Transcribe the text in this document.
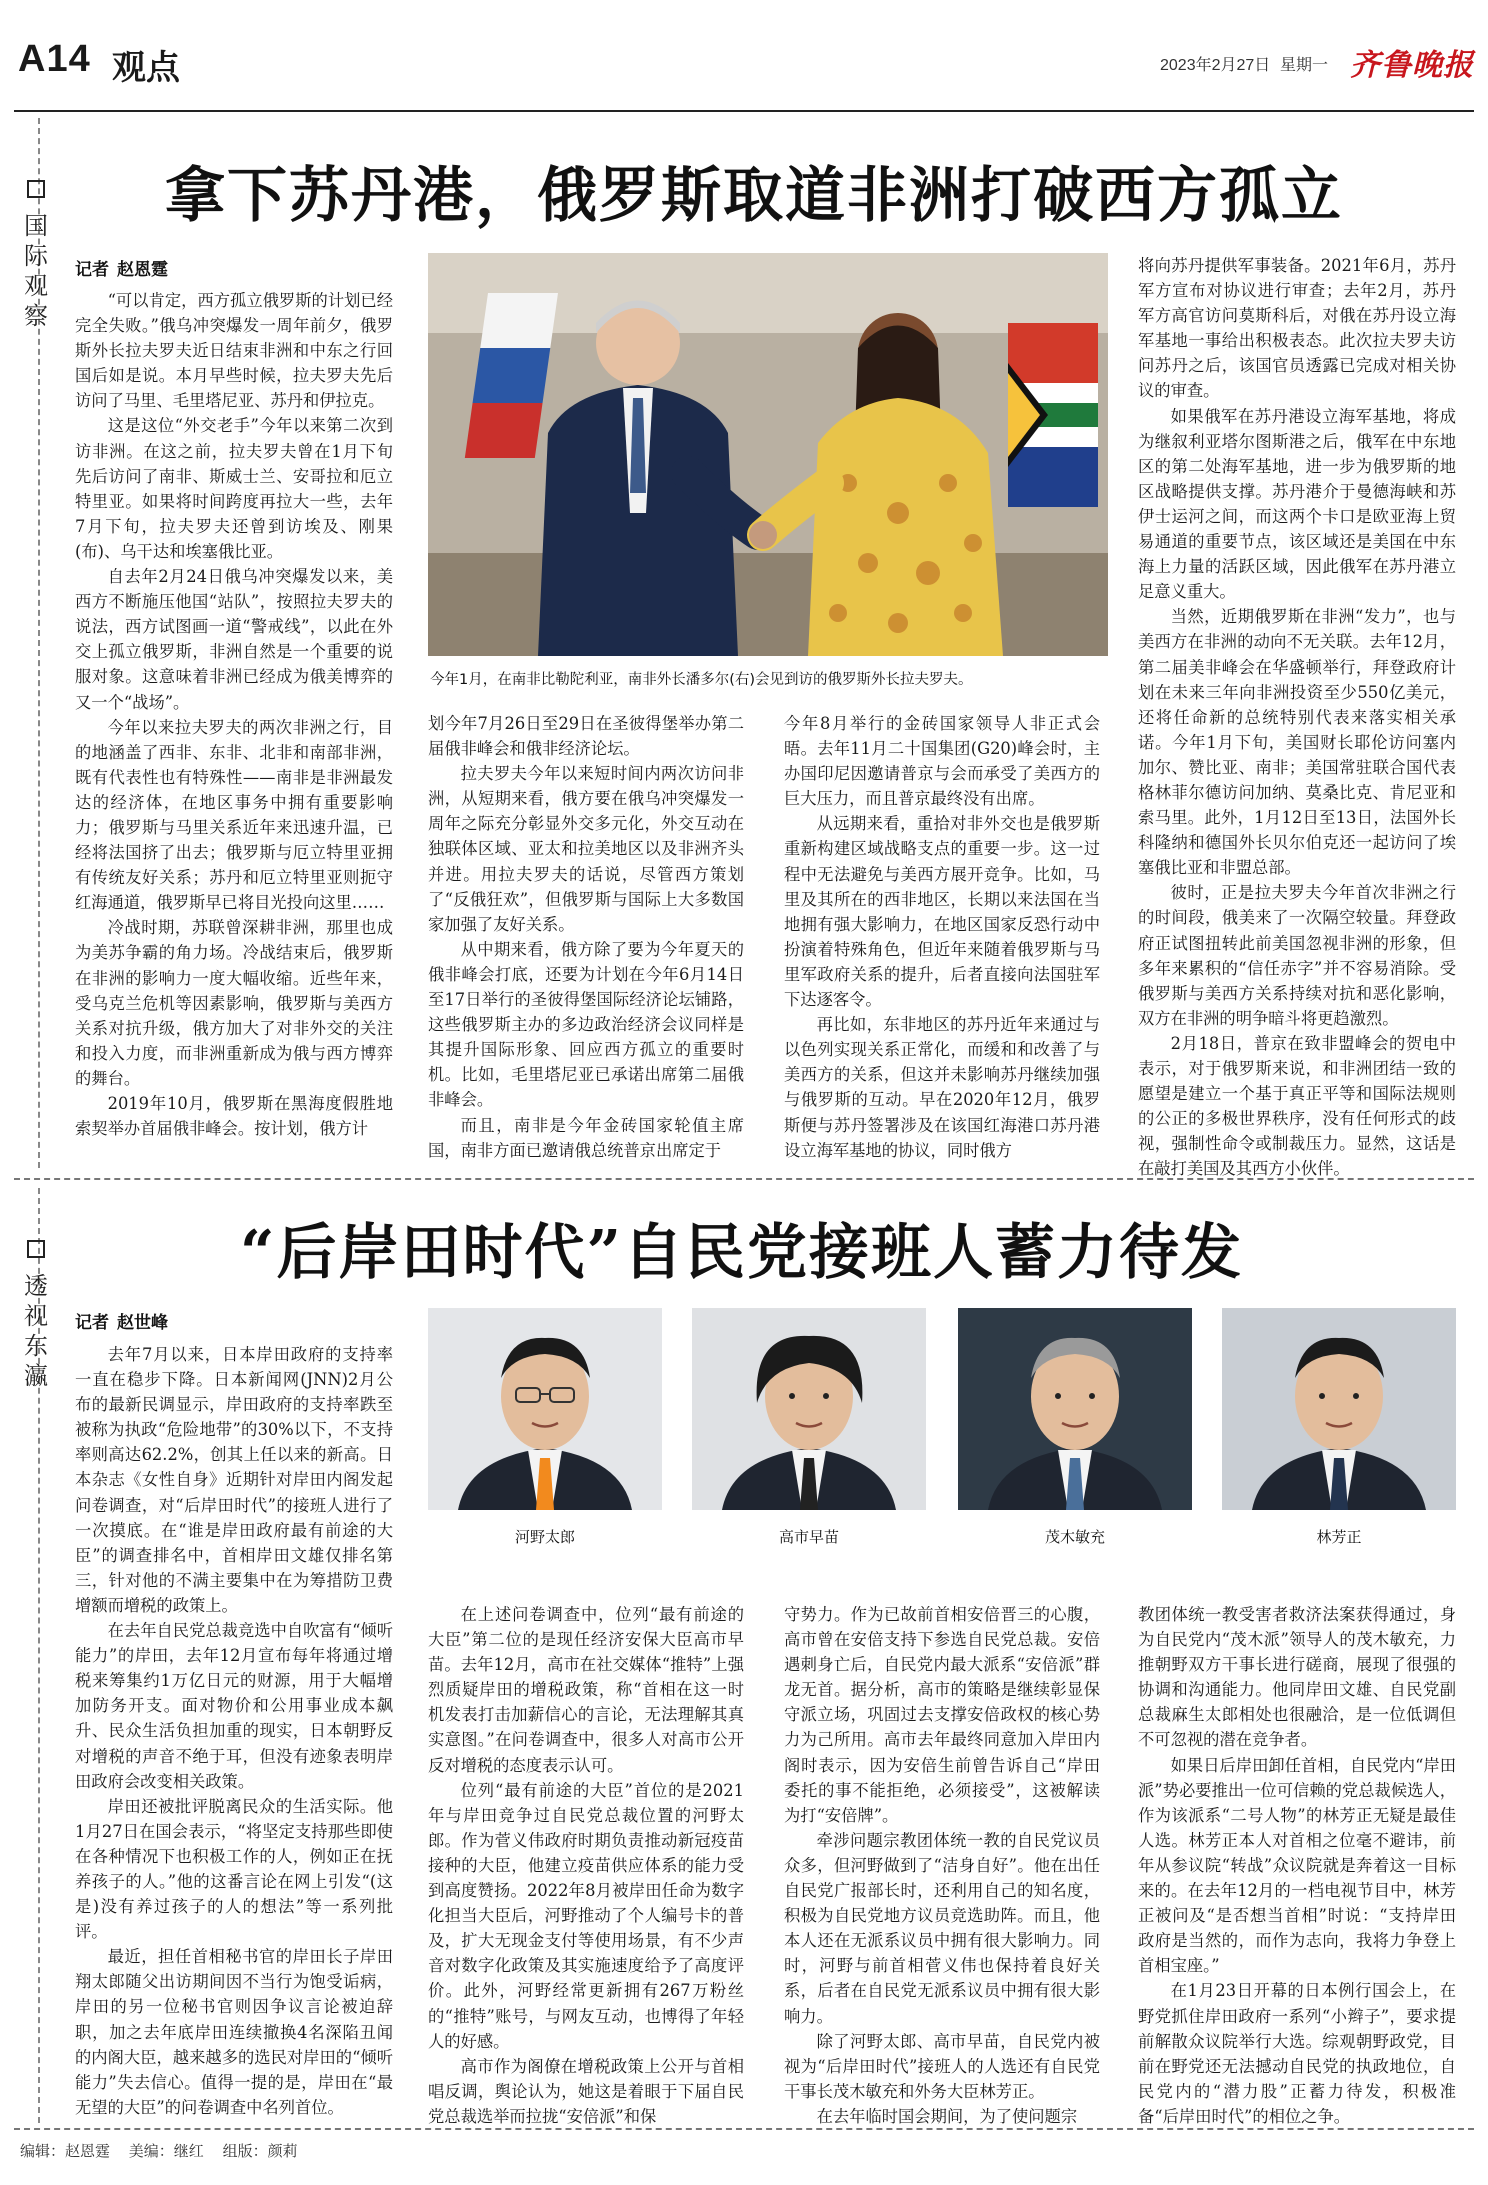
A14 观点	2023年2月27日 星期一 齐鲁晚报
国
际
观
察
拿下苏丹港，俄罗斯取道非洲打破西方孤立
记者 赵恩霆
今年1月，在南非比勒陀利亚，南非外长潘多尔(右)会见到访的俄罗斯外长拉夫罗夫。

“可以肯定，西方孤立俄罗斯的计划已经完全失败。”俄乌冲突爆发一周年前夕，俄罗斯外长拉夫罗夫近日结束非洲和中东之行回国后如是说。本月早些时候，拉夫罗夫先后访问了马里、毛里塔尼亚、苏丹和伊拉克。

这是这位“外交老手”今年以来第二次到访非洲。在这之前，拉夫罗夫曾在1月下旬先后访问了南非、斯威士兰、安哥拉和厄立特里亚。如果将时间跨度再拉大一些，去年7月下旬，拉夫罗夫还曾到访埃及、刚果(布)、乌干达和埃塞俄比亚。

自去年2月24日俄乌冲突爆发以来，美西方不断施压他国“站队”，按照拉夫罗夫的说法，西方试图画一道“警戒线”，以此在外交上孤立俄罗斯，非洲自然是一个重要的说服对象。这意味着非洲已经成为俄美博弈的又一个“战场”。

今年以来拉夫罗夫的两次非洲之行，目的地涵盖了西非、东非、北非和南部非洲，既有代表性也有特殊性——南非是非洲最发达的经济体，在地区事务中拥有重要影响力；俄罗斯与马里关系近年来迅速升温，已经将法国挤了出去；俄罗斯与厄立特里亚拥有传统友好关系；苏丹和厄立特里亚则扼守红海通道，俄罗斯早已将目光投向这里……

冷战时期，苏联曾深耕非洲，那里也成为美苏争霸的角力场。冷战结束后，俄罗斯在非洲的影响力一度大幅收缩。近些年来，受乌克兰危机等因素影响，俄罗斯与美西方关系对抗升级，俄方加大了对非外交的关注和投入力度，而非洲重新成为俄与西方博弈的舞台。

2019年10月，俄罗斯在黑海度假胜地索契举办首届俄非峰会。按计划，俄方计

划今年7月26日至29日在圣彼得堡举办第二届俄非峰会和俄非经济论坛。

拉夫罗夫今年以来短时间内两次访问非洲，从短期来看，俄方要在俄乌冲突爆发一周年之际充分彰显外交多元化，外交互动在独联体区域、亚太和拉美地区以及非洲齐头并进。用拉夫罗夫的话说，尽管西方策划了“反俄狂欢”，但俄罗斯与国际上大多数国家加强了友好关系。

从中期来看，俄方除了要为今年夏天的俄非峰会打底，还要为计划在今年6月14日至17日举行的圣彼得堡国际经济论坛铺路，这些俄罗斯主办的多边政治经济会议同样是其提升国际形象、回应西方孤立的重要时机。比如，毛里塔尼亚已承诺出席第二届俄非峰会。

而且，南非是今年金砖国家轮值主席国，南非方面已邀请俄总统普京出席定于

今年8月举行的金砖国家领导人非正式会晤。去年11月二十国集团(G20)峰会时，主办国印尼因邀请普京与会而承受了美西方的巨大压力，而且普京最终没有出席。

从远期来看，重拾对非外交也是俄罗斯重新构建区域战略支点的重要一步。这一过程中无法避免与美西方展开竞争。比如，马里及其所在的西非地区，长期以来法国在当地拥有强大影响力，在地区国家反恐行动中扮演着特殊角色，但近年来随着俄罗斯与马里军政府关系的提升，后者直接向法国驻军下达逐客令。

再比如，东非地区的苏丹近年来通过与以色列实现关系正常化，而缓和和改善了与美西方的关系，但这并未影响苏丹继续加强与俄罗斯的互动。早在2020年12月，俄罗斯便与苏丹签署涉及在该国红海港口苏丹港设立海军基地的协议，同时俄方

将向苏丹提供军事装备。2021年6月，苏丹军方宣布对协议进行审查；去年2月，苏丹军方高官访问莫斯科后，对俄在苏丹设立海军基地一事给出积极表态。此次拉夫罗夫访问苏丹之后，该国官员透露已完成对相关协议的审查。

如果俄军在苏丹港设立海军基地，将成为继叙利亚塔尔图斯港之后，俄军在中东地区的第二处海军基地，进一步为俄罗斯的地区战略提供支撑。苏丹港介于曼德海峡和苏伊士运河之间，而这两个卡口是欧亚海上贸易通道的重要节点，该区域还是美国在中东海上力量的活跃区域，因此俄军在苏丹港立足意义重大。

当然，近期俄罗斯在非洲“发力”，也与美西方在非洲的动向不无关联。去年12月，第二届美非峰会在华盛顿举行，拜登政府计划在未来三年向非洲投资至少550亿美元，还将任命新的总统特别代表来落实相关承诺。今年1月下旬，美国财长耶伦访问塞内加尔、赞比亚、南非；美国常驻联合国代表格林菲尔德访问加纳、莫桑比克、肯尼亚和索马里。此外，1月12日至13日，法国外长科隆纳和德国外长贝尔伯克还一起访问了埃塞俄比亚和非盟总部。

彼时，正是拉夫罗夫今年首次非洲之行的时间段，俄美来了一次隔空较量。拜登政府正试图扭转此前美国忽视非洲的形象，但多年来累积的“信任赤字”并不容易消除。受俄罗斯与美西方关系持续对抗和恶化影响，双方在非洲的明争暗斗将更趋激烈。

2月18日，普京在致非盟峰会的贺电中表示，对于俄罗斯来说，和非洲团结一致的愿望是建立一个基于真正平等和国际法规则的公正的多极世界秩序，没有任何形式的歧视，强制性命令或制裁压力。显然，这话是在敲打美国及其西方小伙伴。

透
视
东
瀛
“后岸田时代”自民党接班人蓄力待发
记者 赵世峰
河野太郎	高市早苗	茂木敏充	林芳正

去年7月以来，日本岸田政府的支持率一直在稳步下降。日本新闻网(JNN)2月公布的最新民调显示，岸田政府的支持率跌至被称为执政“危险地带”的30%以下，不支持率则高达62.2%，创其上任以来的新高。日本杂志《女性自身》近期针对岸田内阁发起问卷调查，对“后岸田时代”的接班人进行了一次摸底。在“谁是岸田政府最有前途的大臣”的调查排名中，首相岸田文雄仅排名第三，针对他的不满主要集中在为筹措防卫费增额而增税的政策上。

在去年自民党总裁竞选中自吹富有“倾听能力”的岸田，去年12月宣布每年将通过增税来筹集约1万亿日元的财源，用于大幅增加防务开支。面对物价和公用事业成本飙升、民众生活负担加重的现实，日本朝野反对增税的声音不绝于耳，但没有迹象表明岸田政府会改变相关政策。

岸田还被批评脱离民众的生活实际。他1月27日在国会表示，“将坚定支持那些即使在各种情况下也积极工作的人，例如正在抚养孩子的人。”他的这番言论在网上引发“(这是)没有养过孩子的人的想法”等一系列批评。

最近，担任首相秘书官的岸田长子岸田翔太郎随父出访期间因不当行为饱受诟病，岸田的另一位秘书官则因争议言论被迫辞职，加之去年底岸田连续撤换4名深陷丑闻的内阁大臣，越来越多的选民对岸田的“倾听能力”失去信心。值得一提的是，岸田在“最无望的大臣”的问卷调查中名列首位。

在上述问卷调查中，位列“最有前途的大臣”第二位的是现任经济安保大臣高市早苗。去年12月，高市在社交媒体“推特”上强烈质疑岸田的增税政策，称“首相在这一时机发表打击加薪信心的言论，无法理解其真实意图。”在问卷调查中，很多人对高市公开反对增税的态度表示认可。

位列“最有前途的大臣”首位的是2021年与岸田竞争过自民党总裁位置的河野太郎。作为菅义伟政府时期负责推动新冠疫苗接种的大臣，他建立疫苗供应体系的能力受到高度赞扬。2022年8月被岸田任命为数字化担当大臣后，河野推动了个人编号卡的普及，扩大无现金支付等使用场景，有不少声音对数字化政策及其实施速度给予了高度评价。此外，河野经常更新拥有267万粉丝的“推特”账号，与网友互动，也博得了年轻人的好感。

高市作为阁僚在增税政策上公开与首相唱反调，舆论认为，她这是着眼于下届自民党总裁选举而拉拢“安倍派”和保

守势力。作为已故前首相安倍晋三的心腹，高市曾在安倍支持下参选自民党总裁。安倍遇刺身亡后，自民党内最大派系“安倍派”群龙无首。据分析，高市的策略是继续彰显保守派立场，巩固过去支撑安倍政权的核心势力为己所用。高市去年最终同意加入岸田内阁时表示，因为安倍生前曾告诉自己“岸田委托的事不能拒绝，必须接受”，这被解读为打“安倍牌”。

牵涉问题宗教团体统一教的自民党议员众多，但河野做到了“洁身自好”。他在出任自民党广报部长时，还利用自己的知名度，积极为自民党地方议员竞选助阵。而且，他本人还在无派系议员中拥有很大影响力。同时，河野与前首相菅义伟也保持着良好关系，后者在自民党无派系议员中拥有很大影响力。

除了河野太郎、高市早苗，自民党内被视为“后岸田时代”接班人的人选还有自民党干事长茂木敏充和外务大臣林芳正。

在去年临时国会期间，为了使问题宗

教团体统一教受害者救济法案获得通过，身为自民党内“茂木派”领导人的茂木敏充，力推朝野双方干事长进行磋商，展现了很强的协调和沟通能力。他同岸田文雄、自民党副总裁麻生太郎相处也很融洽，是一位低调但不可忽视的潜在竞争者。

如果日后岸田卸任首相，自民党内“岸田派”势必要推出一位可信赖的党总裁候选人，作为该派系“二号人物”的林芳正无疑是最佳人选。林芳正本人对首相之位毫不避讳，前年从参议院“转战”众议院就是奔着这一目标来的。在去年12月的一档电视节目中，林芳正被问及“是否想当首相”时说：“支持岸田政府是当然的，而作为志向，我将力争登上首相宝座。”

在1月23日开幕的日本例行国会上，在野党抓住岸田政府一系列“小辫子”，要求提前解散众议院举行大选。综观朝野政党，目前在野党还无法撼动自民党的执政地位，自民党内的“潜力股”正蓄力待发，积极准备“后岸田时代”的相位之争。

编辑：赵恩霆 美编：继红 组版：颜莉
